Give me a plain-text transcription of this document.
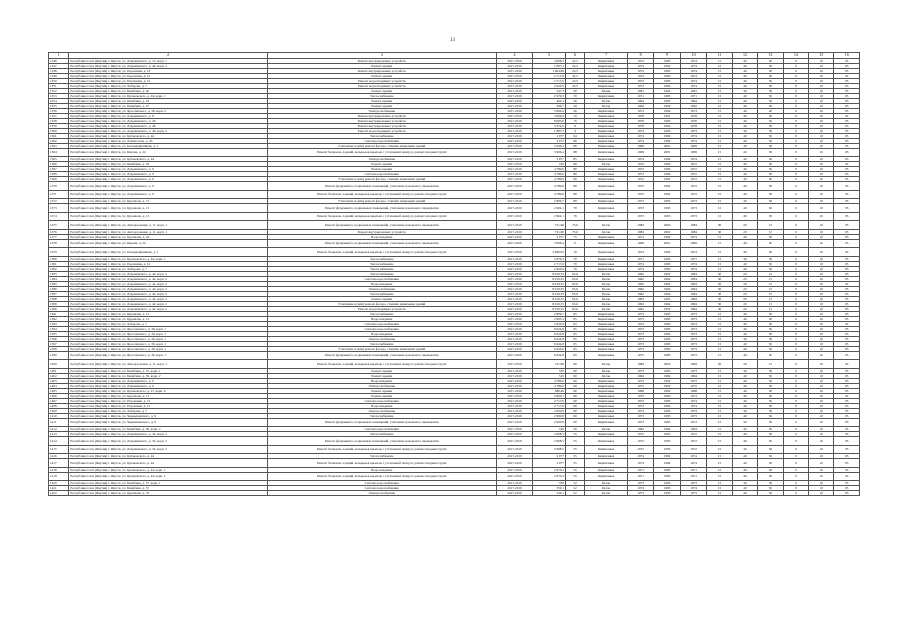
13
1	2	3	4	5	6	7	8	9	10	11	12	13	14	15	16
1346	Республика Саха (Якутия) г. Якутск, ул. Дзержинского, д. 15, корп. 1	Ремонт внутридомовых устройств	2017-2019	4 608,3	22,5	Кирпичные	1974	1983	1974	15	40	20	0	10	95
1347	Республика Саха (Якутия) г. Якутск, ул. Дзержинского, д. 40, корп. 2	Ремонт крыши	2017-2019	1 897,2	22,5	Кирпичные	1974	1992	1974	15	40	30	0	10	95
1348	Республика Саха (Якутия) г. Якутск, ул. Порошина, д. 13	Ремонт внутридомовых устройств	2017-2019	1 604,89	22,5	Кирпичные	1974	1983	1974	15	40	30	0	10	95
1349	Республика Саха (Якутия) г. Якутск, ул. Порошина, д. 12	Ремонт крыши	2017-2019	2 717,6	22,5	Кирпичные	1974	1983	1974	15	40	30	0	10	95
1350	Республика Саха (Якутия) г. Якутск, ул. Порошина, д. 12	Ремонт водоотводящих устройств	2017-2019	2 717,6	22,5	Кирпичные	1974	1983	1974	15	40	30	0	10	95
1351	Республика Саха (Якутия) г. Якутск, ул. Хабарова, д. 7	Ремонт водоотводящих устройств	2017-2019	2 620,9	22,5	Кирпичные	1974	1983	1974	15	40	30	0	10	95
1352	Республика Саха (Якутия) г. Якутск, ул. Билибина, д. 20	Ремонт крыши	2017-2019	547,3	20	Блоки	1961	1994	1961	15	40	30	0	10	95
1353	Республика Саха (Якутия) г. Якутск, ул. Кулаковского, д. 44, корп. 1	Теплоснабжение	2017-2019	2 970,3	70	Кирпичные	1971	1983	1971	15	40	30	0	10	95
1354	Республика Саха (Якутия) г. Якутск, ул. Билибина, д. 22	Ремонт крыши	2017-2019	462,3	20	Бетон	1964	1985	1964	15	40	30	0	10	95
1355	Республика Саха (Якутия) г. Якутск, ул. Билибина, д. 27	Ремонт крыши	2017-2019	569,7	20	Бетон	1962	1996	1962	15	40	30	0	10	95
1356	Республика Саха (Якутия) г. Якутск, ул. Ярославского, д. 30, корп. 2	Электроснабжение	2017-2019	5 892,6	26	Кирпичные	1973	1964	1973	15	40	20	0	10	95
1357	Республика Саха (Якутия) г. Якутск, ул. Дзержинского, д. 8	Ремонт внутридомовых устройств	2017-2019	3 609,6	15	Кирпичные	1978	1991	1978	15	40	20	0	10	95
1358	Республика Саха (Якутия) г. Якутск, ул. Дзержинского, д. 20	Ремонт внутридомовых устройств	2017-2019	8 603,0	15	Кирпичные	1976	1993	1976	15	40	20	0	10	95
1359	Республика Саха (Якутия) г. Якутск, ул. Дзержинского, д. 46	Ремонт внутридомовых устройств	2017-2019	3 374,6	9	Кирпичные	1978	1983	1978	15	40	30	0	10	95
1360	Республика Саха (Якутия) г. Якутск, ул. Дзержинского, д. 40, корп. 2	Ремонт водоотводящих устройств	2017-2019	1 897,2	9	Кирпичные	1974	1993	1974	15	40	30	0	10	95
1361	Республика Саха (Якутия) г. Якутск, ул. Кулаковского, д. 44	Теплоснабжение	2017-2019	2 977	94	Кирпичные	1974	1984	1974	15	40	30	0	10	95
1362	Республика Саха (Якутия) г. Якутск, ул. Ломоносова, д. 43	Система водоснабжения	2017-2019	3 977	98	Кирпичные	1974	1984	1974	15	40	30	0	10	95
1363	Республика Саха (Якутия) г. Якутск, ул. Каландаришвили, д. 1	Утепление и (или) ремонт фасада, ставших нежилыми зданий	2017-2019	3 906,4	89	Кирпичные	1969	2001	1969	15	40	30	0	10	95
1364	Республика Саха (Якутия) г. Якутск, ул. Кирова, д. 24	Ремонт балконов, лоджий, козырьков крыльца с установкой пандуса, ремонт входных групп	2017-2019	3 906,4	88	Кирпичные	1969	2001	1969	15	40	30	0	10	95
1365	Республика Саха (Якутия) г. Якутск, ул. Кулаковского, д. 44	Электроснабжение	2017-2019	2 977	85	Кирпичные	1974	1984	1974	15	40	30	0	10	95
1366	Республика Саха (Якутия) г. Якутск, ул. Билибина, д. 39	Ремонт крыши	2017-2019	530	80	Бетон	1972	1984	1972	15	40	30	0	10	95
1367	Республика Саха (Якутия) г. Якутск, ул. Дзержинского, д. 9	Ремонт крыши	2017-2019	4 789,6	80	Кирпичные	1972	1984	1972	15	40	30	0	10	95
1368	Республика Саха (Якутия) г. Якутск, ул. Дзержинского, д. 9	Система водоснабжения	2017-2019	4 789,6	80	Кирпичные	1972	1984	1972	15	40	30	0	10	95
1369	Республика Саха (Якутия) г. Якутск, ул. Дзержинского, д. 9	Утепление и (или) ремонт фасада, ставших нежилыми зданий	2017-2019	4 789,6	80	Кирпичные	1972	1992	1972	15	40	30	0	10	95
1370	Республика Саха (Якутия) г. Якутск, ул. Дзержинского, д. 9	Ремонт фундамента, подвальных помещений, утепление цокольного перекрытия	2017-2019	4 789,6	80	Кирпичные	1972	1992	1972	15	40	30	0	10	95
1371	Республика Саха (Якутия) г. Якутск, ул. Дзержинского, д. 9	Ремонт балконов, лоджий, козырьков крыльца с установкой пандуса, ремонт входных групп	2017-2019	4 789,6	80	Кирпичные	1972	1992	1972	15	40	30	0	10	95
1372	Республика Саха (Якутия) г. Якутск, ул. Курашова, д. 15	Утепление и (или) ремонт фасада, ставших нежилыми зданий	2017-2019	2 809,7	80	Кирпичные	1973	1993	1973	15	40	30	0	10	95
1373	Республика Саха (Якутия) г. Якутск, ул. Курашова, д. 15	Ремонт фундамента, подвальных помещений, утепление цокольного перекрытия	2017-2019	2 962,1	78	Кирпичные	1973	1993	1973	15	40	30	0	10	95
1374	Республика Саха (Якутия) г. Якутск, ул. Курашова, д. 15	Ремонт балконов, лоджий, козырьков крыльца с установкой пандуса, ремонт входных групп	2017-2019	2 962,1	76	Кирпичные	1973	1993	1973	15	40	30	0	10	95
1375	Республика Саха (Якутия) г. Якутск, ул. Автодорожная, д. 11, корп. 1	Ремонт фундамента, подвальных помещений, утепление цокольного перекрытия	2017-2019	721,96	75,6	Бетон	1984	2002	1984	30	20	15	0	10	95
1376	Республика Саха (Якутия) г. Якутск, ул. Автодорожная, д. 11, корп. 1	Ремонт внутридомовых устройств	2017-2019	721,96	75,6	Бетон	1984	2002	1984	30	20	15	0	10	95
1377	Республика Саха (Якутия) г. Якутск, ул. Курашова, д. 44	Водоотведение	2017-2019	2 977	75	Кирпичные	1974	1984	1974	15	40	30	0	10	95
1378	Республика Саха (Якутия) г. Якутск, ул. Кирова, д. 24	Ремонт фундамента, подвальных помещений, утепление цокольного перекрытия	2017-2019	3 906,4	71	Кирпичные	1969	2001	1969	15	40	30	0	10	95
1379	Республика Саха (Якутия) г. Якутск, ул. Каландаришвили, д. 1	Ремонт балконов, лоджий, козырьков крыльца с установкой пандуса, ремонт входных групп	2017-2019	2 669,05	70	Кирпичные	1974	1984	1974	15	40	30	0	10	95
1380	Республика Саха (Якутия) г. Якутск, ул. Кулаковского, д. 44, корп. 1	Теплоснабжение	2017-2019	2 970,3	70	Кирпичные	1971	1983	1971	15	40	30	0	10	95
1381	Республика Саха (Якутия) г. Якутск, ул. Порошина, д. 12	Теплоснабжение	2017-2019	2 717,6	70	Кирпичные	1974	1983	1974	15	40	30	0	10	95
1382	Республика Саха (Якутия) г. Якутск, ул. Хабарова, д. 7	Теплоснабжение	2017-2019	2 620,9	70	Кирпичные	1974	1983	1974	15	40	30	0	10	95
1383	Республика Саха (Якутия) г. Якутск, ул. Дзержинского, д. 42, корп. 2	Теплоснабжение	2017-2019	8 919,55	65,6	Бетон	1962	1962	1994	30	20	15	0	10	95
1384	Республика Саха (Якутия) г. Якутск, ул. Дзержинского, д. 42, корп. 2	Система водоснабжения	2017-2019	8 919,55	65,6	Бетон	1962	1964	1994	30	20	15	0	10	95
1385	Республика Саха (Якутия) г. Якутск, ул. Дзержинского, д. 42, корп. 2	Водоотведение	2017-2019	8 919,55	65,6	Бетон	1962	1964	1994	30	20	15	0	10	95
1386	Республика Саха (Якутия) г. Якутск, ул. Дзержинского, д. 42, корп. 2	Электроснабжение	2017-2019	8 919,55	65,6	Бетон	1962	1964	1994	30	20	15	0	10	95
1387	Республика Саха (Якутия) г. Якутск, ул. Дзержинского, д. 42, корп. 2	Теплоснабжение	2017-2019	8 919,55	65,6	Бетон	1962	1964	1994	30	20	15	0	10	95
1388	Республика Саха (Якутия) г. Якутск, ул. Дзержинского, д. 42, корп. 2	Ремонт крыши	2017-2019	8 919,55	65,6	Бетон	1993	1993	1994	30	20	15	0	10	95
1389	Республика Саха (Якутия) г. Якутск, ул. Дзержинского, д. 42, корп. 2	Утепление и (или) ремонт фасада, ставших нежилыми зданий	2017-2019	8 919,55	65,6	Бетон	1994	1964	1994	30	20	15	0	10	95
1390	Республика Саха (Якутия) г. Якутск, ул. Дзержинского, д. 42, корп. 2	Ремонт водоотводящих устройств	2017-2019	8 919,55	65,6	Бетон	1962	1993	1994	30	20	15	0	10	95
1391	Республика Саха (Якутия) г. Якутск, ул. Курашова, д. 15	Теплоснабжение	2017-2019	2 809,7	65	Кирпичные	1973	1993	1973	15	40	30	0	10	95
1392	Республика Саха (Якутия) г. Якутск, ул. Курашова, д. 15	Водоотведение	2017-2019	2 905,3	65	Кирпичные	1973	1985	1973	15	40	30	0	10	95
1393	Республика Саха (Якутия) г. Якутск, ул. Хабарова, д. 7	Система водоснабжения	2017-2019	2 620,9	65	Кирпичные	1974	1983	1974	15	40	30	0	10	95
1394	Республика Саха (Якутия) г. Якутск, ул. Ярославского, д. 30, корп. 1	Система водоснабжения	2017-2019	6 624,8	65	Кирпичные	1973	1983	1973	15	40	30	0	10	95
1395	Республика Саха (Якутия) г. Якутск, ул. Ярославского, д. 30, корп. 1	Водоотведение	2017-2019	6 624,8	65	Кирпичные	1973	1983	1973	15	40	30	0	10	95
1396	Республика Саха (Якутия) г. Якутск, ул. Ярославского, д. 30, корп. 1	Электроснабжение	2017-2019	6 624,8	65	Кирпичные	1973	1983	1973	15	40	30	0	10	95
1397	Республика Саха (Якутия) г. Якутск, ул. Ярославского, д. 30, корп. 1	Теплоснабжение	2017-2019	6 624,8	65	Кирпичные	1973	1983	1973	15	40	30	0	10	95
1398	Республика Саха (Якутия) г. Якутск, ул. Ярославского, д. 30, корп. 1	Утепление и (или) ремонт фасада, ставших нежилыми зданий	2017-2019	6 624,8	65	Кирпичные	1973	1983	1973	15	40	30	0	10	95
1399	Республика Саха (Якутия) г. Якутск, ул. Ярославского, д. 30, корп. 1	Ремонт фундамента, подвальных помещений, утепление цокольного перекрытия	2017-2019	6 624,8	65	Кирпичные	1973	1983	1973	15	40	30	0	10	95
1400	Республика Саха (Якутия) г. Якутск, ул. Автодорожная, д. 11, корп. 1	Ремонт балконов, лоджий, козырьков крыльца с установкой пандуса, ремонт входных групп	2017-2019	721,96	60	Бетон	1984	2002	1984	30	20	15	0	10	95
1401	Республика Саха (Якутия) г. Якутск, ул. Билибина, д. 37, корп. 1	Ремонт крыши	2017-2019	550	60	Бетон	1973	1983	1973	15	40	30	0	10	95
1402	Республика Саха (Якутия) г. Якутск, ул. Билибина, д. 39, корп. 2	Ремонт крыши	2017-2019	545	60	Бетон	1964	1984	1964	15	40	30	0	10	95
1403	Республика Саха (Якутия) г. Якутск, ул. Дзержинского, д. 9	Водоотведение	2017-2019	4 789,6	60	Кирпичные	1972	1992	1972	15	40	30	0	10	95
1404	Республика Саха (Якутия) г. Якутск, ул. Дзержинского, д. 9	Электроснабжение	2017-2019	4 789,6	60	Кирпичные	1972	1992	1972	15	40	30	0	10	95
1405	Республика Саха (Якутия) г. Якутск, ул. Кулаковского, д. 27, корп. 9	Ремонт крыши	2017-2019	586,46	60	Кирпичные	1968	1992	1968	15	40	30	0	10	95
1406	Республика Саха (Якутия) г. Якутск, ул. Курашова, д. 15	Ремонт крыши	2017-2019	2 809,7	60	Кирпичные	1973	1993	1973	15	40	30	0	10	95
1407	Республика Саха (Якутия) г. Якутск, ул. Порошина, д. 12	Система водоснабжения	2017-2019	2 717,6	60	Кирпичные	1974	1983	1974	15	40	30	0	10	95
1408	Республика Саха (Якутия) г. Якутск, ул. Порошина, д. 12	Водоотведение	2017-2019	2 717,6	60	Кирпичные	1974	1983	1974	15	40	30	0	10	95
1409	Республика Саха (Якутия) г. Якутск, ул. Хабарова, д. 7	Электроснабжение	2017-2019	2 620,9	60	Кирпичные	1974	1983	1974	15	40	30	0	10	95
1410	Республика Саха (Якутия) г. Якутск, ул. Чернышевского, д. 9	Теплоснабжение	2017-2019	2 960,8	60	Кирпичные	1973	1983	1973	15	40	30	0	10	95
1411	Республика Саха (Якутия) г. Якутск, ул. Чернышевского, д. 9	Ремонт фундамента, подвальных помещений, утепление цокольного перекрытия	2017-2019	2 960,8	60	Кирпичные	1973	1983	1973	15	40	30	0	10	95
1412	Республика Саха (Якутия) г. Якутск, ул. Билибина, д. 39, корп. 2	Система водоснабжения	2017-2019	529	56	Бетон	1964	1984	1964	15	40	30	0	10	95
1413	Республика Саха (Якутия) г. Якутск, ул. Дзержинского, д. 32, корп. 2	Теплоснабжение	2017-2019	2 908,5	55	Кирпичные	1972	1993	1972	15	40	30	0	10	95
1414	Республика Саха (Якутия) г. Якутск, ул. Дзержинского, д. 32, корп. 2	Ремонт фундамента, подвальных помещений, утепление цокольного перекрытия	2017-2019	2 908,5	55	Кирпичные	1972	1993	1972	15	40	30	0	10	95
1415	Республика Саха (Якутия) г. Якутск, ул. Дзержинского, д. 32, корп. 2	Ремонт балконов, лоджий, козырьков крыльца с установкой пандуса, ремонт входных групп	2017-2019	2 908,5	55	Кирпичные	1972	1993	1972	15	40	30	0	10	95
1416	Республика Саха (Якутия) г. Якутск, ул. Кулаковского, д. 44	Теплоснабжение	2017-2019	2 977	55	Кирпичные	1974	1984	1974	15	40	30	0	10	95
1417	Республика Саха (Якутия) г. Якутск, ул. Кулаковского, д. 44	Ремонт балконов, лоджий, козырьков крыльца с установкой пандуса, ремонт входных групп	2017-2019	2 977	55	Кирпичные	1974	1984	1974	15	40	30	0	10	95
1418	Республика Саха (Якутия) г. Якутск, ул. Кулаковского, д. 44, корп. 1	Водоотведение	2017-2019	2 970,3	55	Кирпичные	1971	1983	1971	15	40	30	0	10	95
1419	Республика Саха (Якутия) г. Якутск, ул. Кулаковского, д. 44, корп. 1	Ремонт балконов, лоджий, козырьков крыльца с установкой пандуса, ремонт входных групп	2017-2019	2 970,3	55	Кирпичные	1971	1983	1971	15	40	30	0	10	95
1420	Республика Саха (Якутия) г. Якутск, ул. Билибина, д. 37, корп. 1	Система водоснабжения	2017-2019	559	52	Бетон	1973	1983	1973	15	40	30	0	10	95
1421	Республика Саха (Якутия) г. Якутск, ул. Билибина, д. 37	Система водоснабжения	2017-2019	550,1	52	Бетон	1974	1983	1974	15	40	30	0	10	95
1422	Республика Саха (Якутия) г. Якутск, ул. Курашова, д. 35	Электроснабжение	2017-2019	529,1	52	Бетон	1973	1993	1973	15	40	30	0	10	95
